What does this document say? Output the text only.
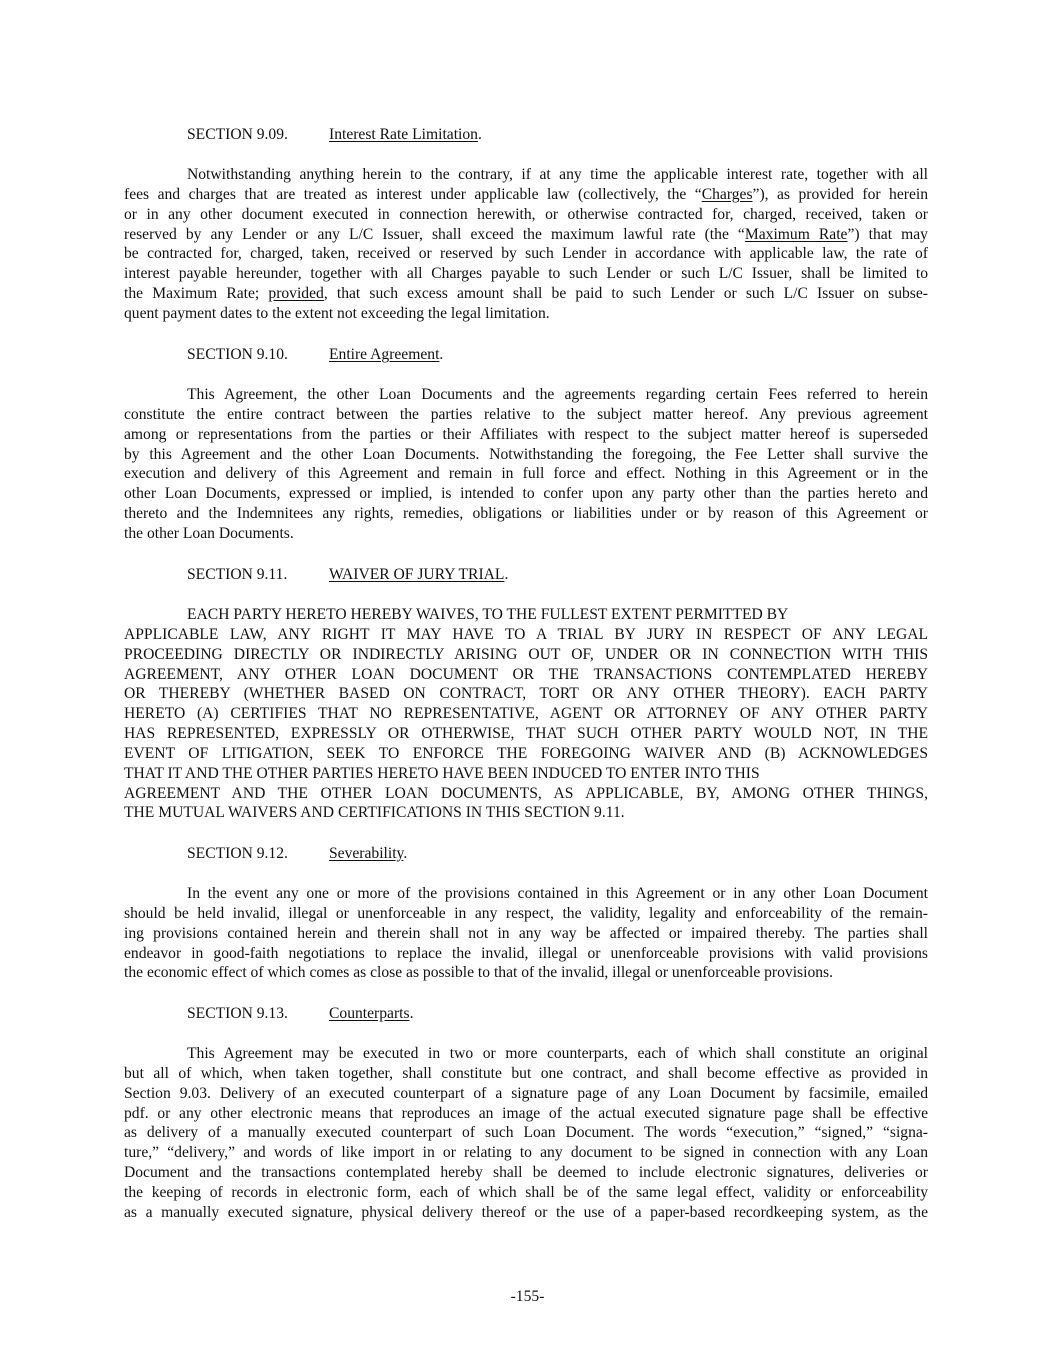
SECTION 9.09.	Interest Rate Limitation.
Notwithstanding anything herein to the contrary, if at any time the applicable interest rate, together with all
fees and charges that are treated as interest under applicable law (collectively, the “Charges”), as provided for herein
or in any other document executed in connection herewith, or otherwise contracted for, charged, received, taken or
reserved by any Lender or any L/C Issuer, shall exceed the maximum lawful rate (the “Maximum Rate”) that may
be contracted for, charged, taken, received or reserved by such Lender in accordance with applicable law, the rate of
interest payable hereunder, together with all Charges payable to such Lender or such L/C Issuer, shall be limited to
the Maximum Rate; provided, that such excess amount shall be paid to such Lender or such L/C Issuer on subse-
quent payment dates to the extent not exceeding the legal limitation.
SECTION 9.10.	Entire Agreement.
This Agreement, the other Loan Documents and the agreements regarding certain Fees referred to herein
constitute the entire contract between the parties relative to the subject matter hereof. Any previous agreement
among or representations from the parties or their Affiliates with respect to the subject matter hereof is superseded
by this Agreement and the other Loan Documents. Notwithstanding the foregoing, the Fee Letter shall survive the
execution and delivery of this Agreement and remain in full force and effect. Nothing in this Agreement or in the
other Loan Documents, expressed or implied, is intended to confer upon any party other than the parties hereto and
thereto and the Indemnitees any rights, remedies, obligations or liabilities under or by reason of this Agreement or
the other Loan Documents.
SECTION 9.11.	WAIVER OF JURY TRIAL.
EACH PARTY HERETO HEREBY WAIVES, TO THE FULLEST EXTENT PERMITTED BY
APPLICABLE LAW, ANY RIGHT IT MAY HAVE TO A TRIAL BY JURY IN RESPECT OF ANY LEGAL
PROCEEDING DIRECTLY OR INDIRECTLY ARISING OUT OF, UNDER OR IN CONNECTION WITH THIS
AGREEMENT, ANY OTHER LOAN DOCUMENT OR THE TRANSACTIONS CONTEMPLATED HEREBY
OR THEREBY (WHETHER BASED ON CONTRACT, TORT OR ANY OTHER THEORY). EACH PARTY
HERETO (A) CERTIFIES THAT NO REPRESENTATIVE, AGENT OR ATTORNEY OF ANY OTHER PARTY
HAS REPRESENTED, EXPRESSLY OR OTHERWISE, THAT SUCH OTHER PARTY WOULD NOT, IN THE
EVENT OF LITIGATION, SEEK TO ENFORCE THE FOREGOING WAIVER AND (B) ACKNOWLEDGES
THAT IT AND THE OTHER PARTIES HERETO HAVE BEEN INDUCED TO ENTER INTO THIS
AGREEMENT AND THE OTHER LOAN DOCUMENTS, AS APPLICABLE, BY, AMONG OTHER THINGS,
THE MUTUAL WAIVERS AND CERTIFICATIONS IN THIS SECTION 9.11.
SECTION 9.12.	Severability.
In the event any one or more of the provisions contained in this Agreement or in any other Loan Document
should be held invalid, illegal or unenforceable in any respect, the validity, legality and enforceability of the remain-
ing provisions contained herein and therein shall not in any way be affected or impaired thereby. The parties shall
endeavor in good-faith negotiations to replace the invalid, illegal or unenforceable provisions with valid provisions
the economic effect of which comes as close as possible to that of the invalid, illegal or unenforceable provisions.
SECTION 9.13.	Counterparts.
This Agreement may be executed in two or more counterparts, each of which shall constitute an original
but all of which, when taken together, shall constitute but one contract, and shall become effective as provided in
Section 9.03. Delivery of an executed counterpart of a signature page of any Loan Document by facsimile, emailed
pdf. or any other electronic means that reproduces an image of the actual executed signature page shall be effective
as delivery of a manually executed counterpart of such Loan Document. The words “execution,” “signed,” “signa-
ture,” “delivery,” and words of like import in or relating to any document to be signed in connection with any Loan
Document and the transactions contemplated hereby shall be deemed to include electronic signatures, deliveries or
the keeping of records in electronic form, each of which shall be of the same legal effect, validity or enforceability
as a manually executed signature, physical delivery thereof or the use of a paper-based recordkeeping system, as the
-155-
